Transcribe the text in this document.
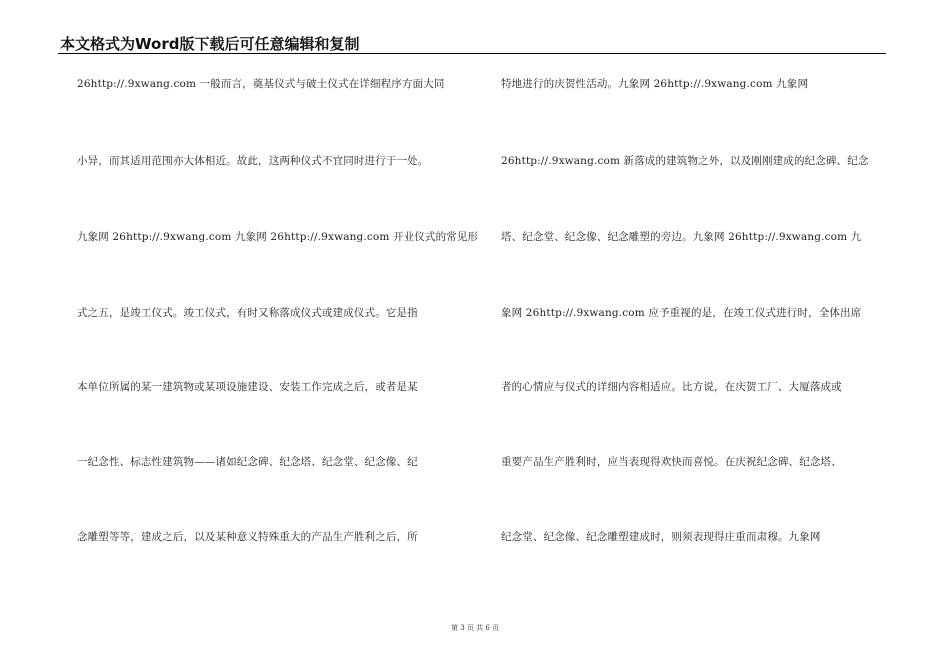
本文格式为Word版下载后可任意编辑和复制
26http://.9xwang.com 一般而言，奠基仪式与破土仪式在详细程序方面大同
小异，而其适用范围亦大体相近。故此，这两种仪式不宜同时进行于一处。
九象网 26http://.9xwang.com 九象网 26http://.9xwang.com 开业仪式的常见形
式之五，是竣工仪式。竣工仪式，有时又称落成仪式或建成仪式。它是指
本单位所属的某一建筑物或某项设施建设、安装工作完成之后，或者是某
一纪念性、标志性建筑物——诸如纪念碑、纪念塔、纪念堂、纪念像、纪
念雕塑等等，建成之后，以及某种意义特殊重大的产品生产胜利之后，所
特地进行的庆贺性活动。九象网 26http://.9xwang.com 九象网
26http://.9xwang.com 新落成的建筑物之外，以及刚刚建成的纪念碑、纪念
塔、纪念堂、纪念像、纪念雕塑的旁边。九象网 26http://.9xwang.com 九
象网 26http://.9xwang.com 应予重视的是，在竣工仪式进行时，全体出席
者的心情应与仪式的详细内容相适应。比方说，在庆贺工厂、大厦落成或
重要产品生产胜利时，应当表现得欢快而喜悦。在庆祝纪念碑、纪念塔、
纪念堂、纪念像、纪念雕塑建成时，则须表现得庄重而肃穆。九象网
第 3 页 共 6 页
